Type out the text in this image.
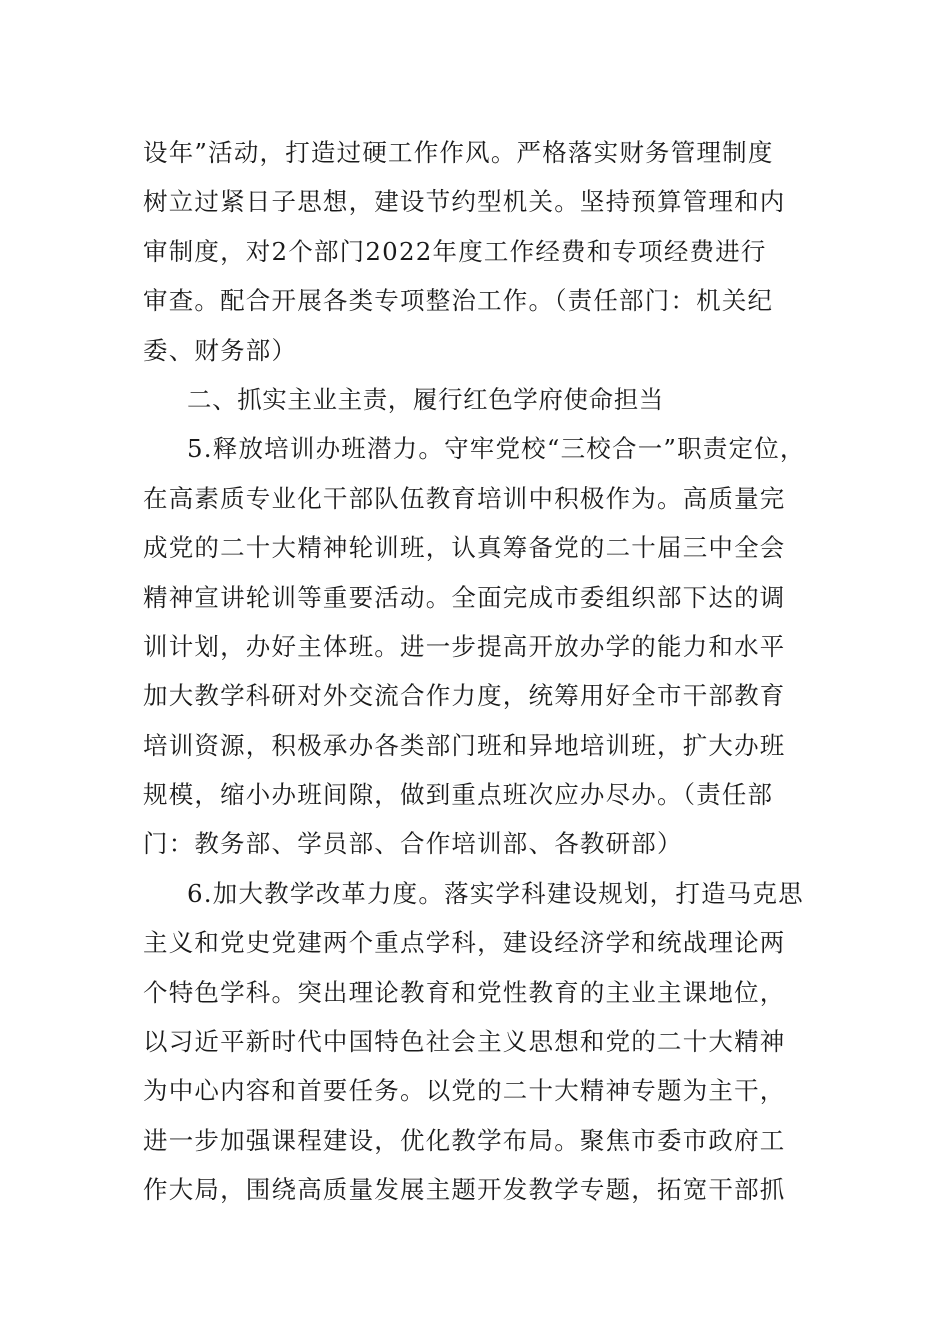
设年”活动，打造过硬工作作风。严格落实财务管理制度
树立过紧日子思想，建设节约型机关。坚持预算管理和内
审制度，对2个部门2022年度工作经费和专项经费进行
审查。配合开展各类专项整治工作。（责任部门：机关纪
委、财务部）
二、抓实主业主责，履行红色学府使命担当
5.释放培训办班潜力。守牢党校“三校合一”职责定位，
在高素质专业化干部队伍教育培训中积极作为。高质量完
成党的二十大精神轮训班，认真筹备党的二十届三中全会
精神宣讲轮训等重要活动。全面完成市委组织部下达的调
训计划，办好主体班。进一步提高开放办学的能力和水平
加大教学科研对外交流合作力度，统筹用好全市干部教育
培训资源，积极承办各类部门班和异地培训班，扩大办班
规模，缩小办班间隙，做到重点班次应办尽办。（责任部
门：教务部、学员部、合作培训部、各教研部）
6.加大教学改革力度。落实学科建设规划，打造马克思
主义和党史党建两个重点学科，建设经济学和统战理论两
个特色学科。突出理论教育和党性教育的主业主课地位，
以习近平新时代中国特色社会主义思想和党的二十大精神
为中心内容和首要任务。以党的二十大精神专题为主干，
进一步加强课程建设，优化教学布局。聚焦市委市政府工
作大局，围绕高质量发展主题开发教学专题，拓宽干部抓
